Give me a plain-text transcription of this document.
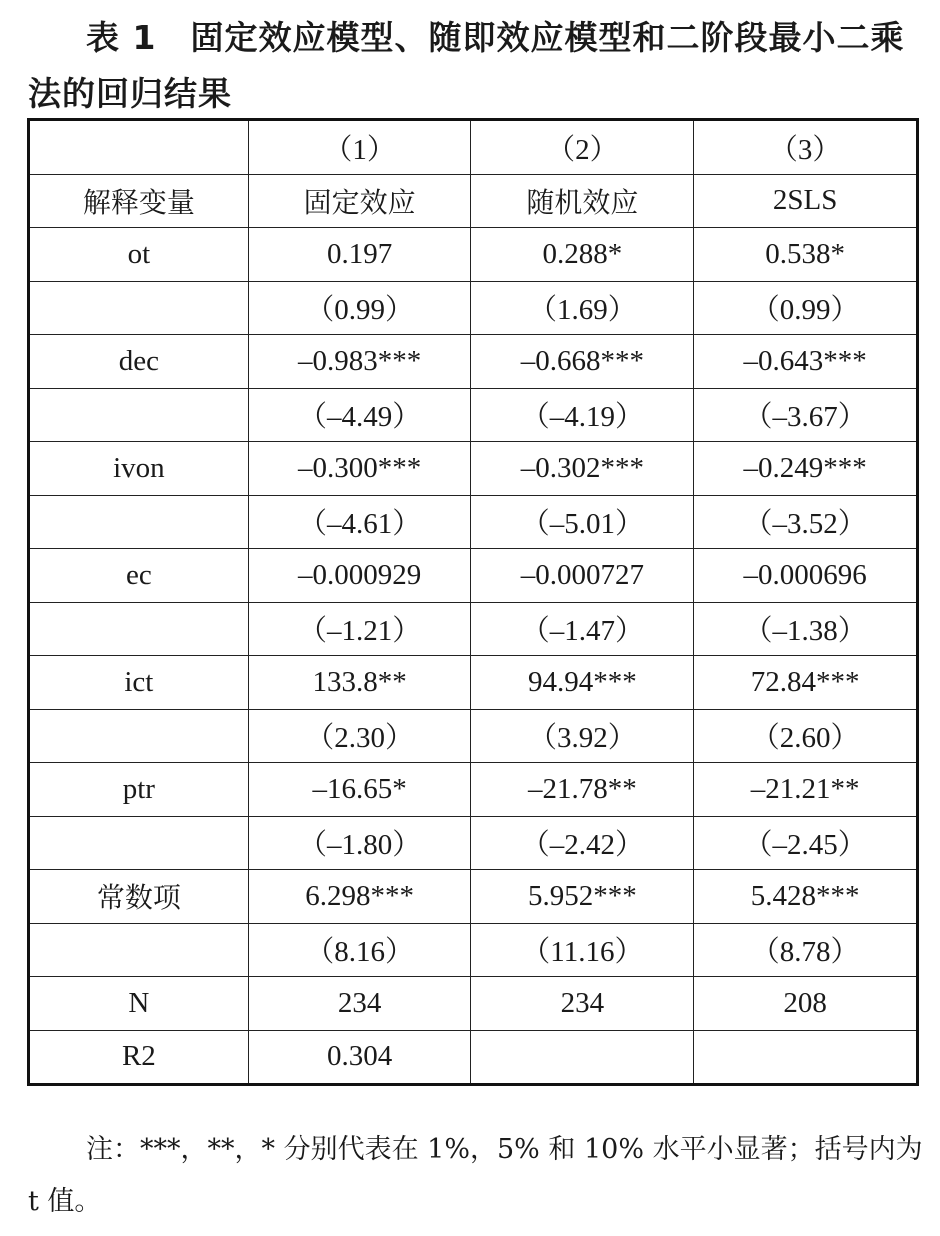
表 1　固定效应模型、随即效应模型和二阶段最小二乘法的回归结果

	（1）	（2）	（3）
解释变量	固定效应	随机效应	2SLS
ot	0.197	0.288*	0.538*
	（0.99）	（1.69）	（0.99）
dec	–0.983***	–0.668***	–0.643***
	（–4.49）	（–4.19）	（–3.67）
ivon	–0.300***	–0.302***	–0.249***
	（–4.61）	（–5.01）	（–3.52）
ec	–0.000929	–0.000727	–0.000696
	（–1.21）	（–1.47）	（–1.38）
ict	133.8**	94.94***	72.84***
	（2.30）	（3.92）	（2.60）
ptr	–16.65*	–21.78**	–21.21**
	（–1.80）	（–2.42）	（–2.45）
常数项	6.298***	5.952***	5.428***
	（8.16）	（11.16）	（8.78）
N	234	234	208
R2	0.304		

注：***，**，* 分别代表在 1%，5% 和 10% 水平小显著；括号内为 t 值。
